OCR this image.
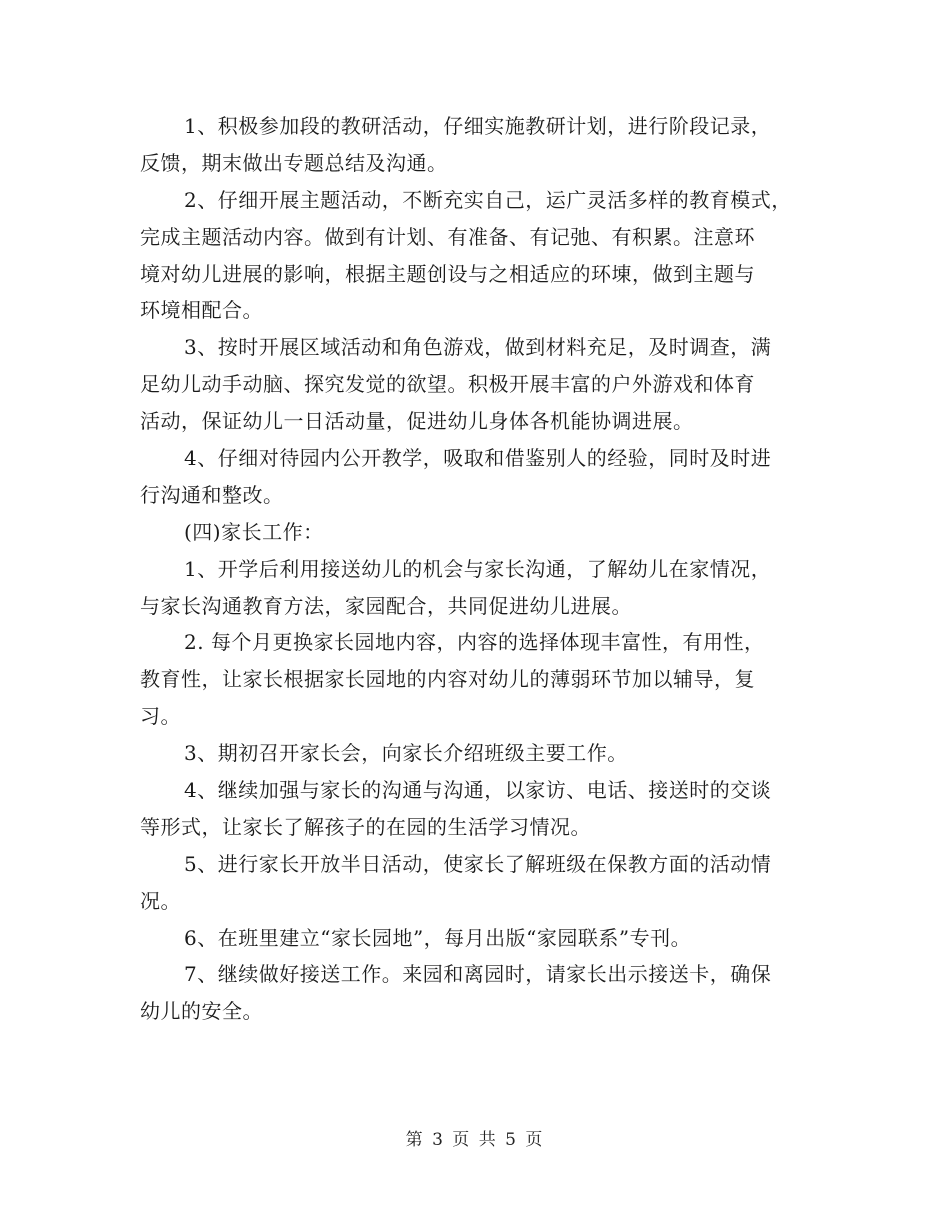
1、积极参加段的教研活动，仔细实施教研计划，进行阶段记录，
反馈，期末做出专题总结及沟通。
2、仔细开展主题活动，不断充实自己，运广灵活多样的教育模式，
完成主题活动内容。做到有计划、有准备、有记弛、有积累。注意环
境对幼儿进展的影响，根据主题创设与之相适应的环埬，做到主题与
环境相配合。
3、按时开展区域活动和角色游戏，做到材料充足，及时调查，满
足幼儿动手动脑、探究发觉的欲望。积极开展丰富的户外游戏和体育
活动，保证幼儿一日活动量，促进幼儿身体各机能协调进展。
4、仔细对待园内公开教学，吸取和借鉴别人的经验，同时及时进
行沟通和整改。
(四)家长工作：
1、开学后利用接送幼儿的机会与家长沟通，了解幼儿在家情况，
与家长沟通教育方法，家园配合，共同促进幼儿进展。
2. 每个月更换家长园地内容，内容的选择体现丰富性，有用性，
教育性，让家长根据家长园地的内容对幼儿的薄弱环节加以辅导，复
习。
3、期初召开家长会，向家长介绍班级主要工作。
4、继续加强与家长的沟通与沟通，以家访、电话、接送时的交谈
等形式，让家长了解孩子的在园的生活学习情况。
5、进行家长开放半日活动，使家长了解班级在保教方面的活动情
况。
6、在班里建立“家长园地”，每月出版“家园联系”专刊。
7、继续做好接送工作。来园和离园时，请家长出示接送卡，确保
幼儿的安全。
第 3 页 共 5 页
